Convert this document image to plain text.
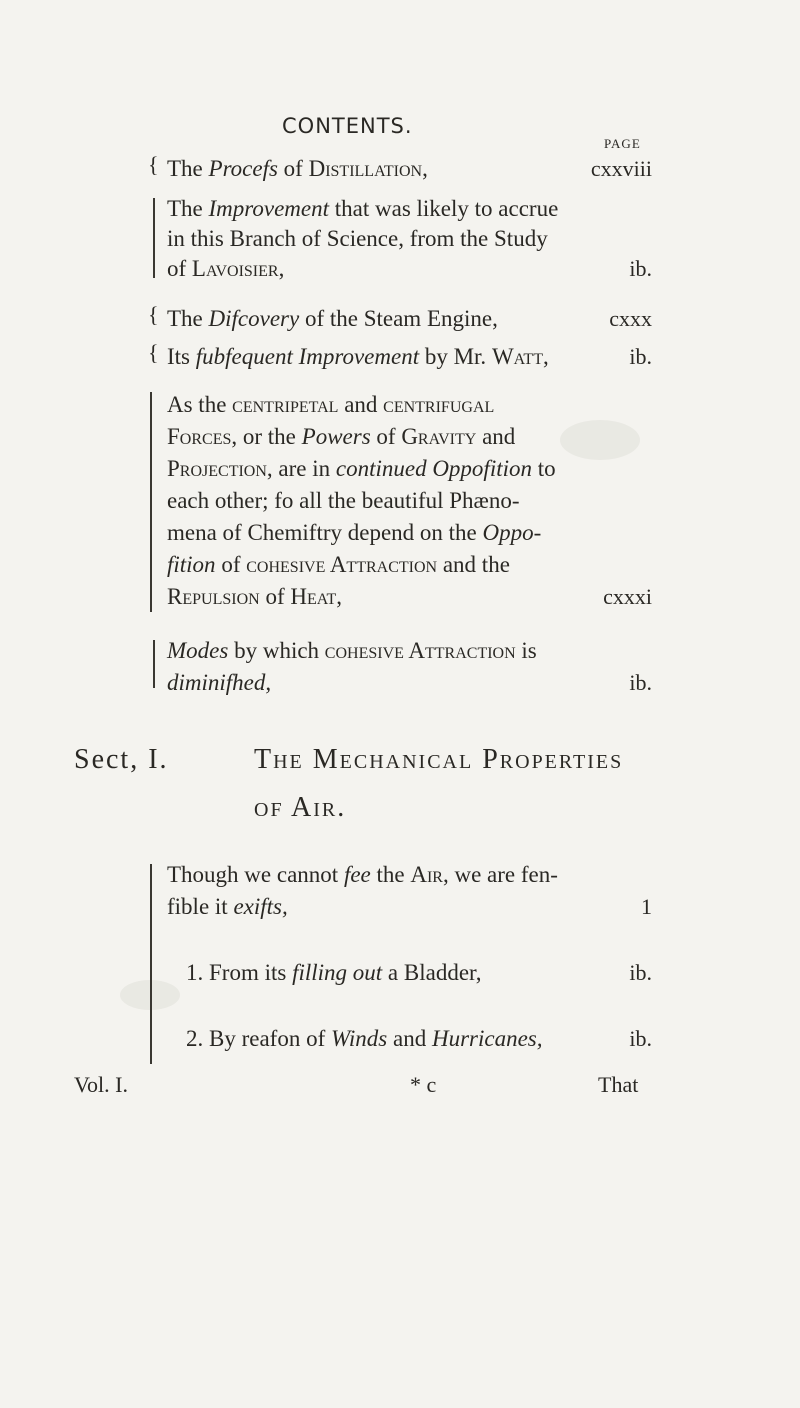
CONTENTS.
PAGE
{ The Procefs of Distillation,	cxxviii
The Improvement that was likely to accrue
in this Branch of Science, from the Study
of Lavoisier,	ib.
{ The Difcovery of the Steam Engine,	cxxx
{ Its fubfequent Improvement by Mr. Watt,	ib.
As the centripetal and centrifugal
Forces, or the Powers of Gravity and
Projection, are in continued Oppofition to
each other; fo all the beautiful Phæno-
mena of Chemiftry depend on the Oppo-
fition of cohesive Attraction and the
Repulsion of Heat,	cxxxi
Modes by which cohesive Attraction is
diminifhed,	ib.
Sect, I.	The Mechanical Properties
of Air.
Though we cannot fee the Air, we are fen-
fible it exifts,	1
1. From its filling out a Bladder,	ib.
2. By reafon of Winds and Hurricanes,	ib.
Vol. I.	* c	That
